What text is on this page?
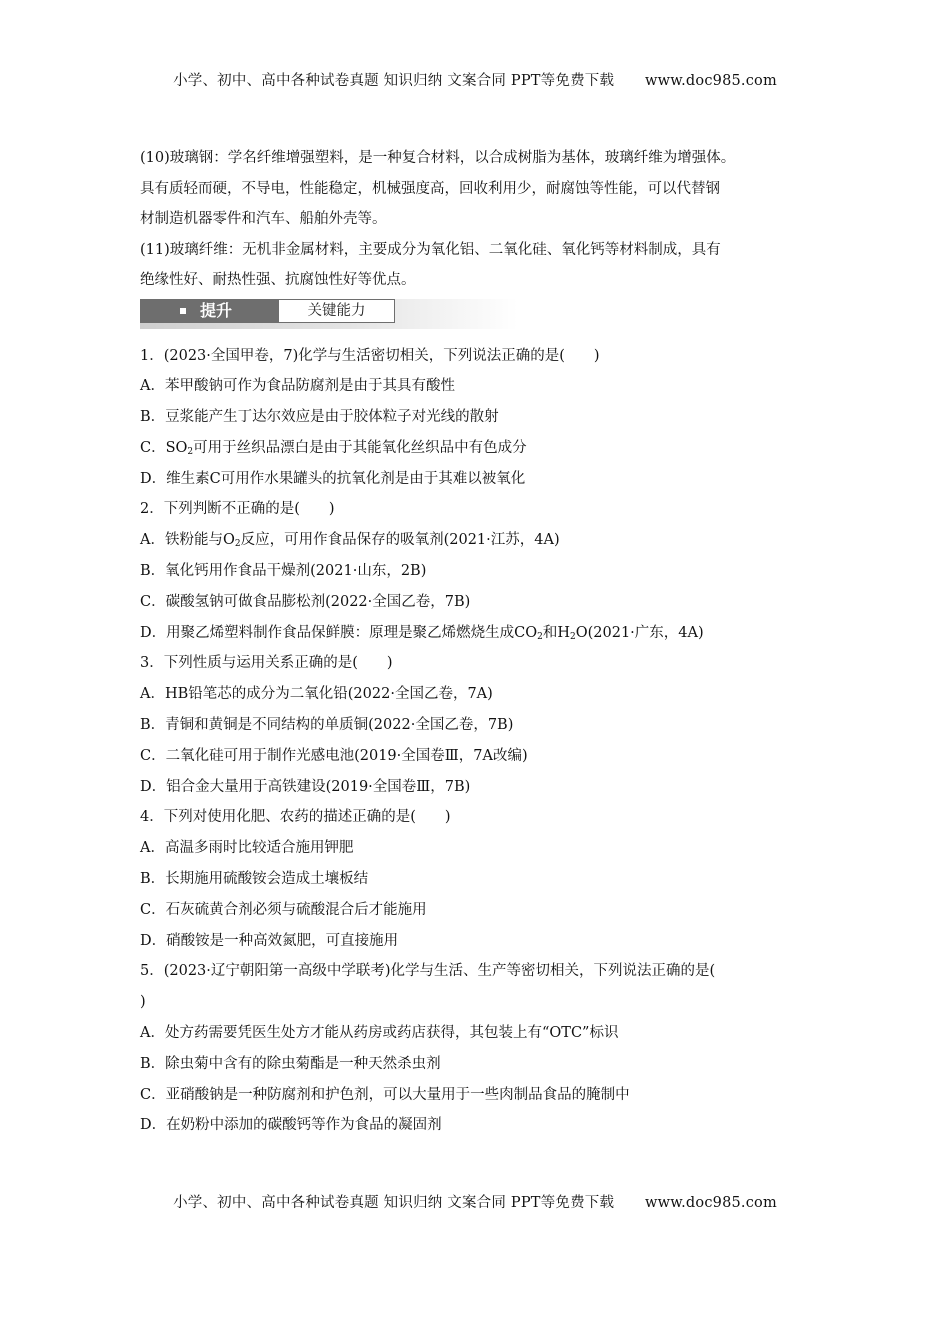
小学、初中、高中各种试卷真题 知识归纳 文案合同 PPT等免费下载 www.doc985.com

(10)玻璃钢：学名纤维增强塑料，是一种复合材料，以合成树脂为基体，玻璃纤维为增强体。

具有质轻而硬，不导电，性能稳定，机械强度高，回收利用少，耐腐蚀等性能，可以代替钢

材制造机器零件和汽车、船舶外壳等。

(11)玻璃纤维：无机非金属材料，主要成分为氧化铝、二氧化硅、氧化钙等材料制成，具有

绝缘性好、耐热性强、抗腐蚀性好等优点。

提升	关键能力

1．(2023·全国甲卷，7)化学与生活密切相关，下列说法正确的是(　　)

A．苯甲酸钠可作为食品防腐剂是由于其具有酸性

B．豆浆能产生丁达尔效应是由于胶体粒子对光线的散射

C．$SO_2$可用于丝织品漂白是由于其能氧化丝织品中有色成分

D．维生素C可用作水果罐头的抗氧化剂是由于其难以被氧化

2．下列判断不正确的是(　　)

A．铁粉能与$O_2$反应，可用作食品保存的吸氧剂(2021·江苏，4A)

B．氧化钙用作食品干燥剂(2021·山东，2B)

C．碳酸氢钠可做食品膨松剂(2022·全国乙卷，7B)

D．用聚乙烯塑料制作食品保鲜膜：原理是聚乙烯燃烧生成$CO_2$和$H_2O(2021\cdot$广东，4A)

3．下列性质与运用关系正确的是(　　)

A．HB铅笔芯的成分为二氧化铅(2022·全国乙卷，7A)

B．青铜和黄铜是不同结构的单质铜(2022·全国乙卷，7B)

C．二氧化硅可用于制作光感电池(2019·全国卷Ⅲ，7A改编)

D．铝合金大量用于高铁建设(2019·全国卷Ⅲ，7B)

4．下列对使用化肥、农药的描述正确的是(　　)

A．高温多雨时比较适合施用钾肥

B．长期施用硫酸铵会造成土壤板结

C．石灰硫黄合剂必须与硫酸混合后才能施用

D．硝酸铵是一种高效氮肥，可直接施用

5．(2023·辽宁朝阳第一高级中学联考)化学与生活、生产等密切相关，下列说法正确的是(

)

A．处方药需要凭医生处方才能从药房或药店获得，其包装上有“OTC”标识

B．除虫菊中含有的除虫菊酯是一种天然杀虫剂

C．亚硝酸钠是一种防腐剂和护色剂，可以大量用于一些肉制品食品的腌制中

D．在奶粉中添加的碳酸钙等作为食品的凝固剂

小学、初中、高中各种试卷真题 知识归纳 文案合同 PPT等免费下载 www.doc985.com
